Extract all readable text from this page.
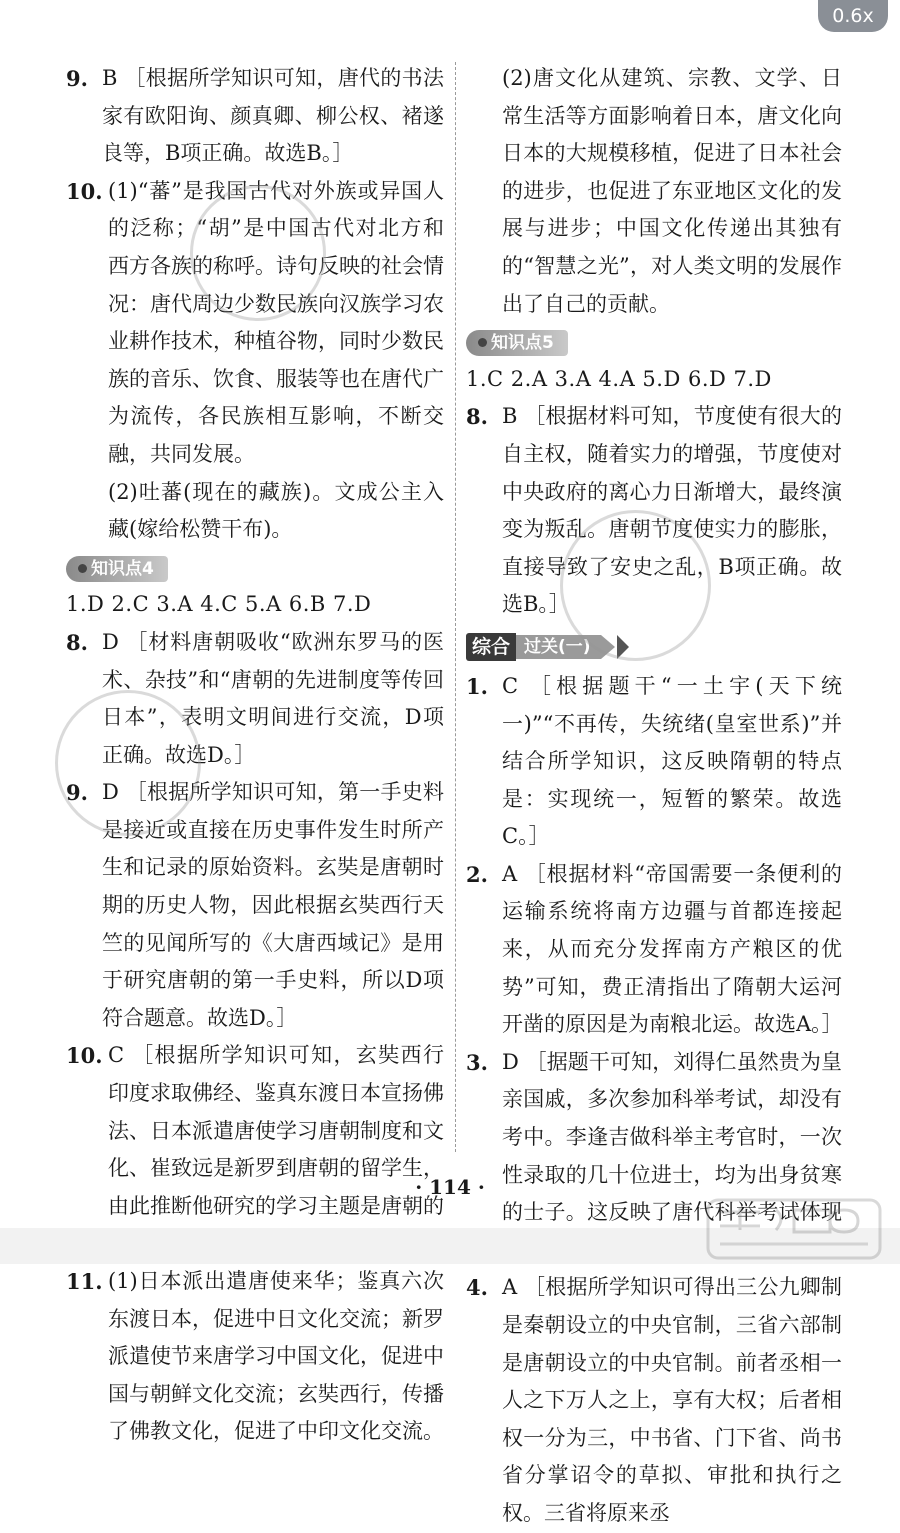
0.6x
9. B ［根据所学知识可知，唐代的书法家有欧阳询、颜真卿、柳公权、褚遂良等，B项正确。故选B。］
10. (1)“蕃”是我国古代对外族或异国人的泛称；“胡”是中国古代对北方和西方各族的称呼。诗句反映的社会情况：唐代周边少数民族向汉族学习农业耕作技术，种植谷物，同时少数民族的音乐、饮食、服装等也在唐代广为流传，各民族相互影响，不断交融，共同发展。
(2)吐蕃(现在的藏族)。文成公主入藏(嫁给松赞干布)。
知识点4
1.D 2.C 3.A 4.C 5.A 6.B 7.D
8. D ［材料唐朝吸收“欧洲东罗马的医术、杂技”和“唐朝的先进制度等传回日本”，表明文明间进行交流，D项正确。故选D。］
9. D ［根据所学知识可知，第一手史料是接近或直接在历史事件发生时所产生和记录的原始资料。玄奘是唐朝时期的历史人物，因此根据玄奘西行天竺的见闻所写的《大唐西域记》是用于研究唐朝的第一手史料，所以D项符合题意。故选D。］
10. C ［根据所学知识可知，玄奘西行印度求取佛经、鉴真东渡日本宣扬佛法、日本派遣唐使学习唐朝制度和文化、崔致远是新罗到唐朝的留学生，由此推断他研究的学习主题是唐朝的
11. (1)日本派出遣唐使来华；鉴真六次东渡日本，促进中日文化交流；新罗派遣使节来唐学习中国文化，促进中国与朝鲜文化交流；玄奘西行，传播了佛教文化，促进了中印文化交流。
(2)唐文化从建筑、宗教、文学、日常生活等方面影响着日本，唐文化向日本的大规模移植，促进了日本社会的进步，也促进了东亚地区文化的发展与进步；中国文化传递出其独有的“智慧之光”，对人类文明的发展作出了自己的贡献。
知识点5
1.C 2.A 3.A 4.A 5.D 6.D 7.D
8. B ［根据材料可知，节度使有很大的自主权，随着实力的增强，节度使对中央政府的离心力日渐增大，最终演变为叛乱。唐朝节度使实力的膨胀，直接导致了安史之乱，B项正确。故选B。］
综合 过关(一)
1. C ［根据题干“一土宇(天下统一)”“不再传，失统绪(皇室世系)”并结合所学知识，这反映隋朝的特点是：实现统一，短暂的繁荣。故选C。］
2. A ［根据材料“帝国需要一条便利的运输系统将南方边疆与首都连接起来，从而充分发挥南方产粮区的优势”可知，费正清指出了隋朝大运河开凿的原因是为南粮北运。故选A。］
3. D ［据题干可知，刘得仁虽然贵为皇亲国戚，多次参加科举考试，却没有考中。李逢吉做科举主考官时，一次性录取的几十位进士，均为出身贫寒的士子。这反映了唐代科举考试体现
4. A ［根据所学知识可得出三公九卿制是秦朝设立的中央官制，三省六部制是唐朝设立的中央官制。前者丞相一人之下万人之上，享有大权；后者相权一分为三，中书省、门下省、尚书省分掌诏令的草拟、审批和执行之权。三省将原来丞
· 114 ·
